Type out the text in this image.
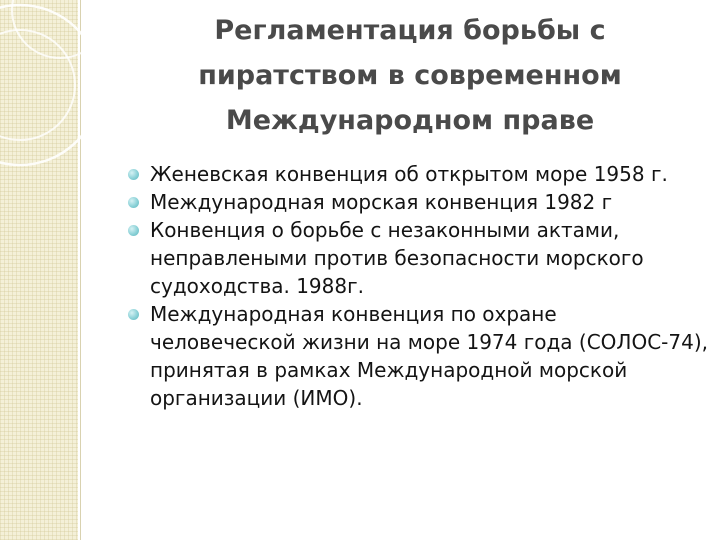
Регламентация борьбы с
пиратством в современном
Международном праве
Женевская конвенция об открытом море 1958 г.
Международная морская конвенция 1982 г
Конвенция о борьбе с незаконными актами, неправлеными против безопасности морского судоходства. 1988г.
Международная конвенция по охране человеческой жизни на море 1974 года (СОЛОС-74), принятая в рамках Международной морской организации (ИМО).
